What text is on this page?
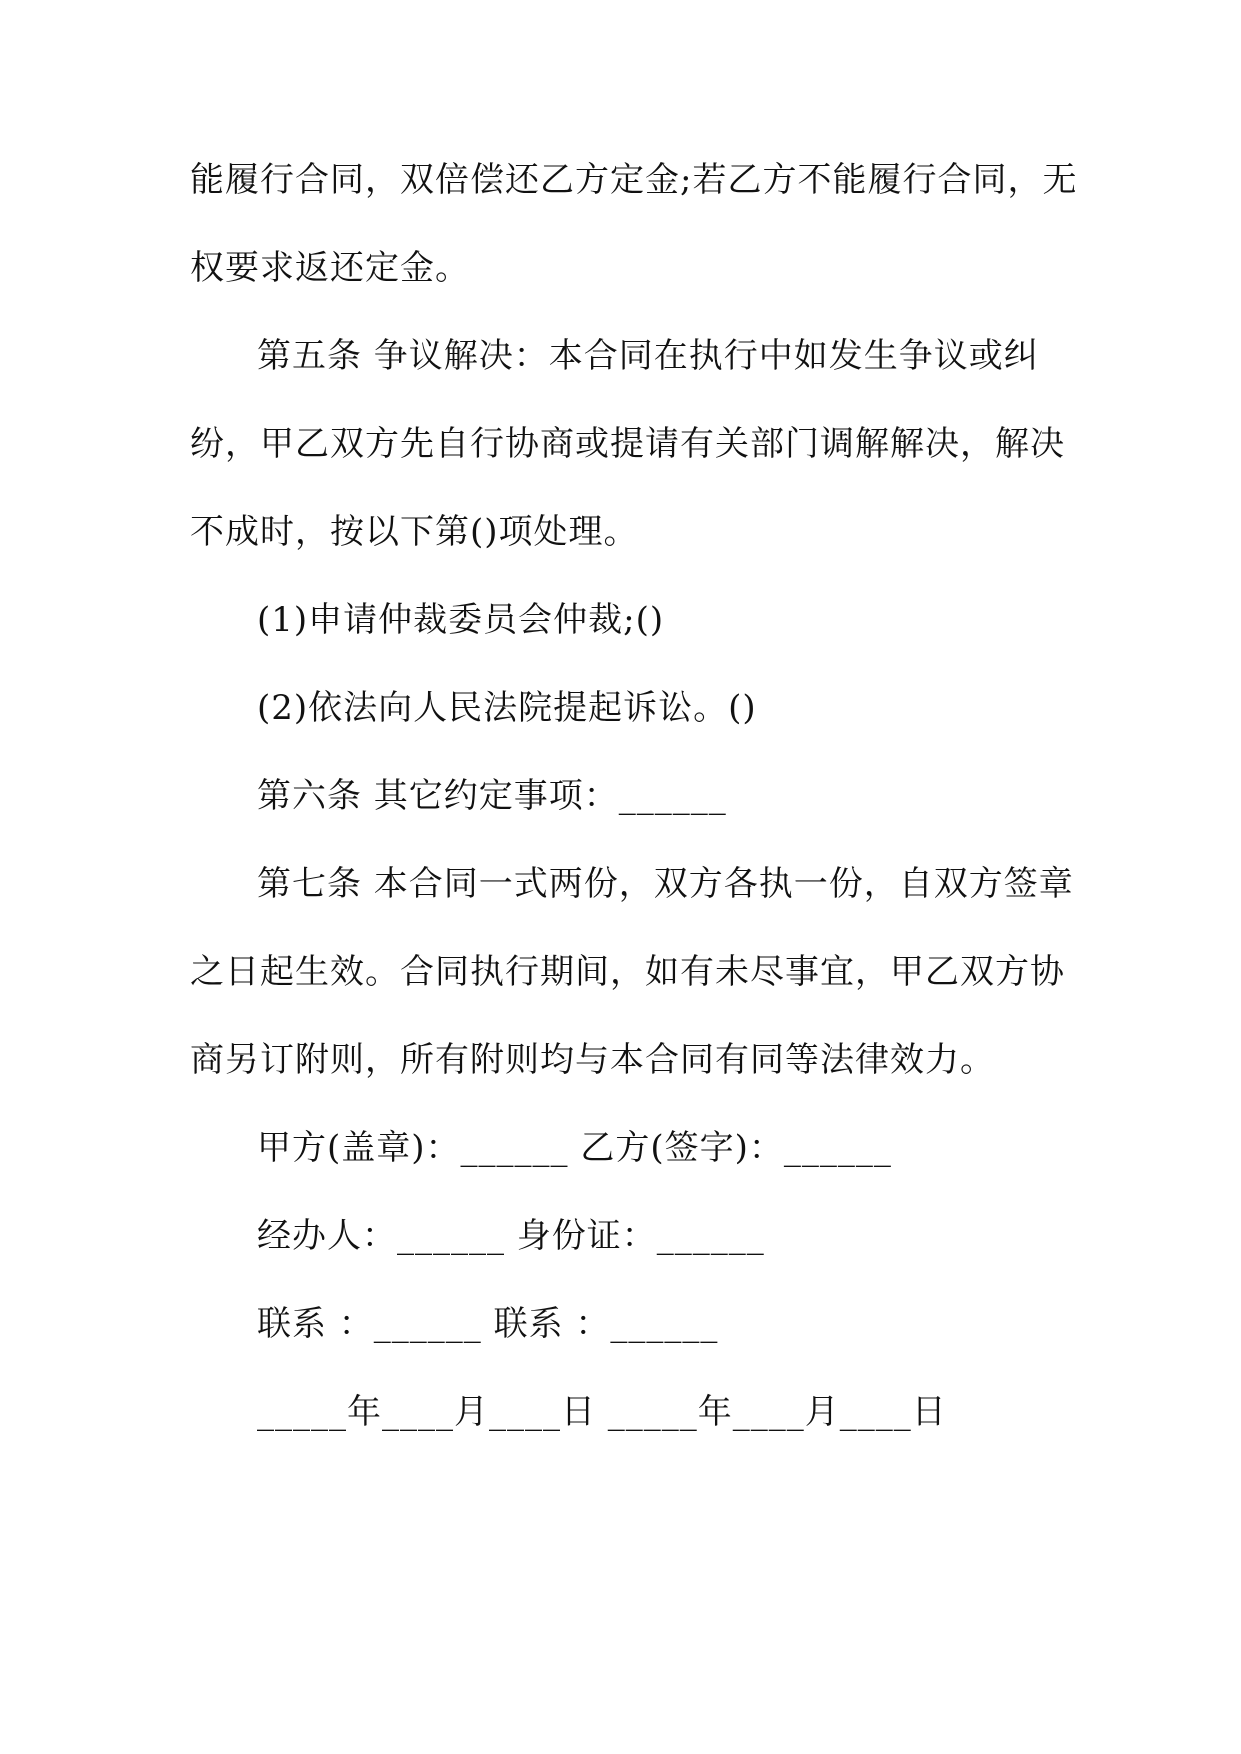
能履行合同，双倍偿还乙方定金;若乙方不能履行合同，无
权要求返还定金。
第五条 争议解决：本合同在执行中如发生争议或纠
纷，甲乙双方先自行协商或提请有关部门调解解决，解决
不成时，按以下第()项处理。
(1)申请仲裁委员会仲裁;()
(2)依法向人民法院提起诉讼。()
第六条 其它约定事项：______
第七条 本合同一式两份，双方各执一份，自双方签章
之日起生效。合同执行期间，如有未尽事宜，甲乙双方协
商另订附则，所有附则均与本合同有同等法律效力。
甲方(盖章)：______ 乙方(签字)：______
经办人：______ 身份证：______
联系 ：______ 联系 ：______
_____年____月____日 _____年____月____日
